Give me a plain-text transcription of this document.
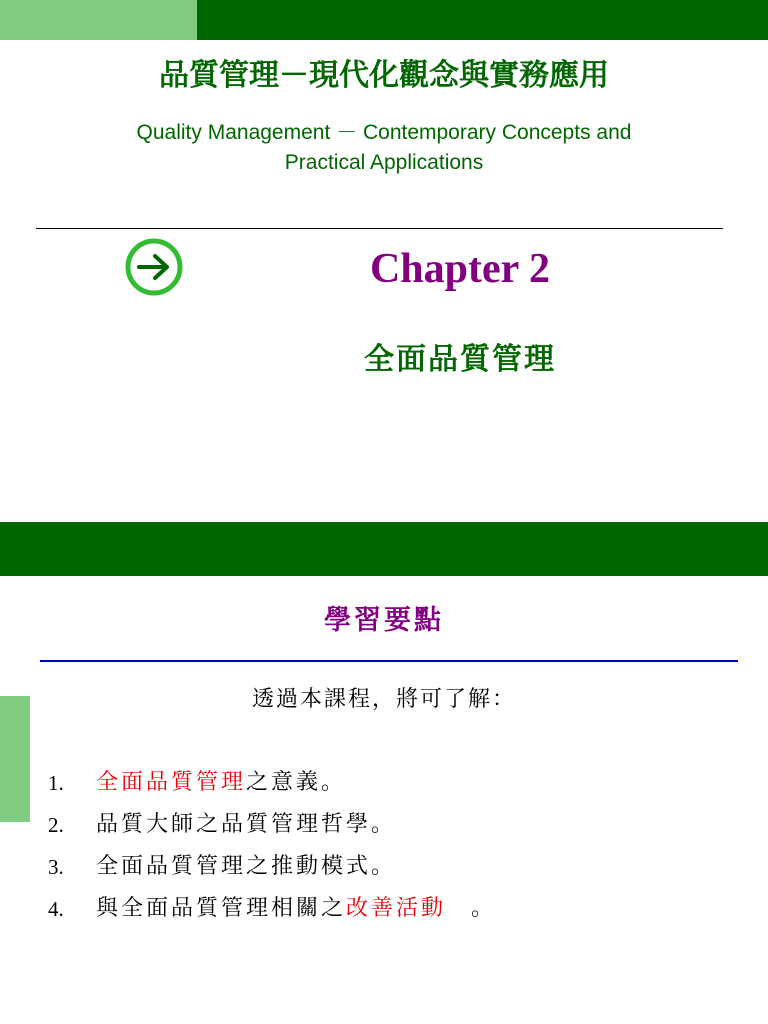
品質管理－現代化觀念與實務應用
Quality Management － Contemporary Concepts and
Practical Applications
Chapter 2
全面品質管理
學習要點
透過本課程，將可了解：
1.	全面品質管理之意義。
2.	品質大師之品質管理哲學。
3.	全面品質管理之推動模式。
4.	與全面品質管理相關之改善活動　。
